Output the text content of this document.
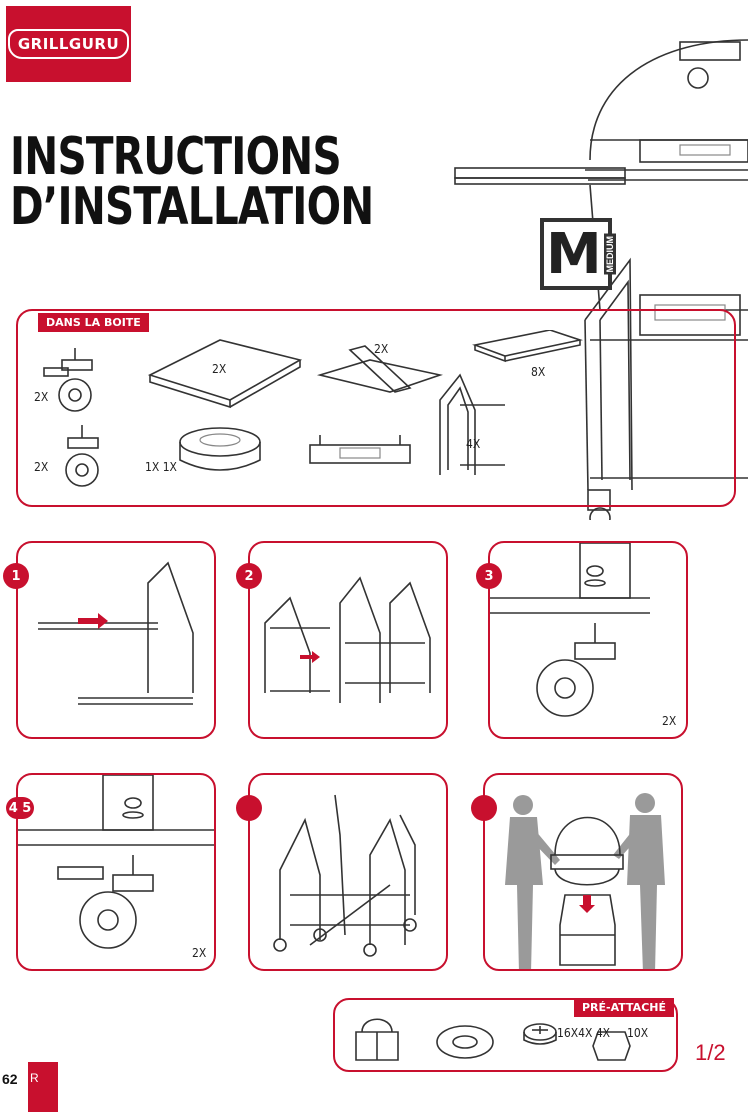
GRILLGURU
INSTRUCTIONS
D’INSTALLATION
M MEDIUM
DANS LA BOITE
2X
2X
2X
1X 1X
2X
4X
8X
1	2	3
2X
4 5
2X
PRÉ-ATTACHÉ
16X4X 4X 10X
62 R
1/2
